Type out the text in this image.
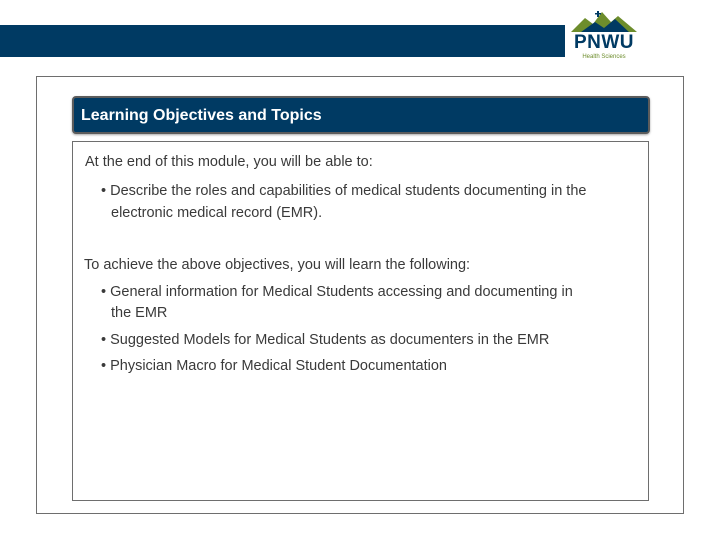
PNWU
Health Sciences
Learning Objectives and Topics
At the end of this module, you will be able to:
• Describe the roles and capabilities of medical students documenting in the
electronic medical record (EMR).
To achieve the above objectives, you will learn the following:
• General information for Medical Students accessing and documenting in
the EMR
• Suggested Models for Medical Students as documenters in the EMR
• Physician Macro for Medical Student Documentation
